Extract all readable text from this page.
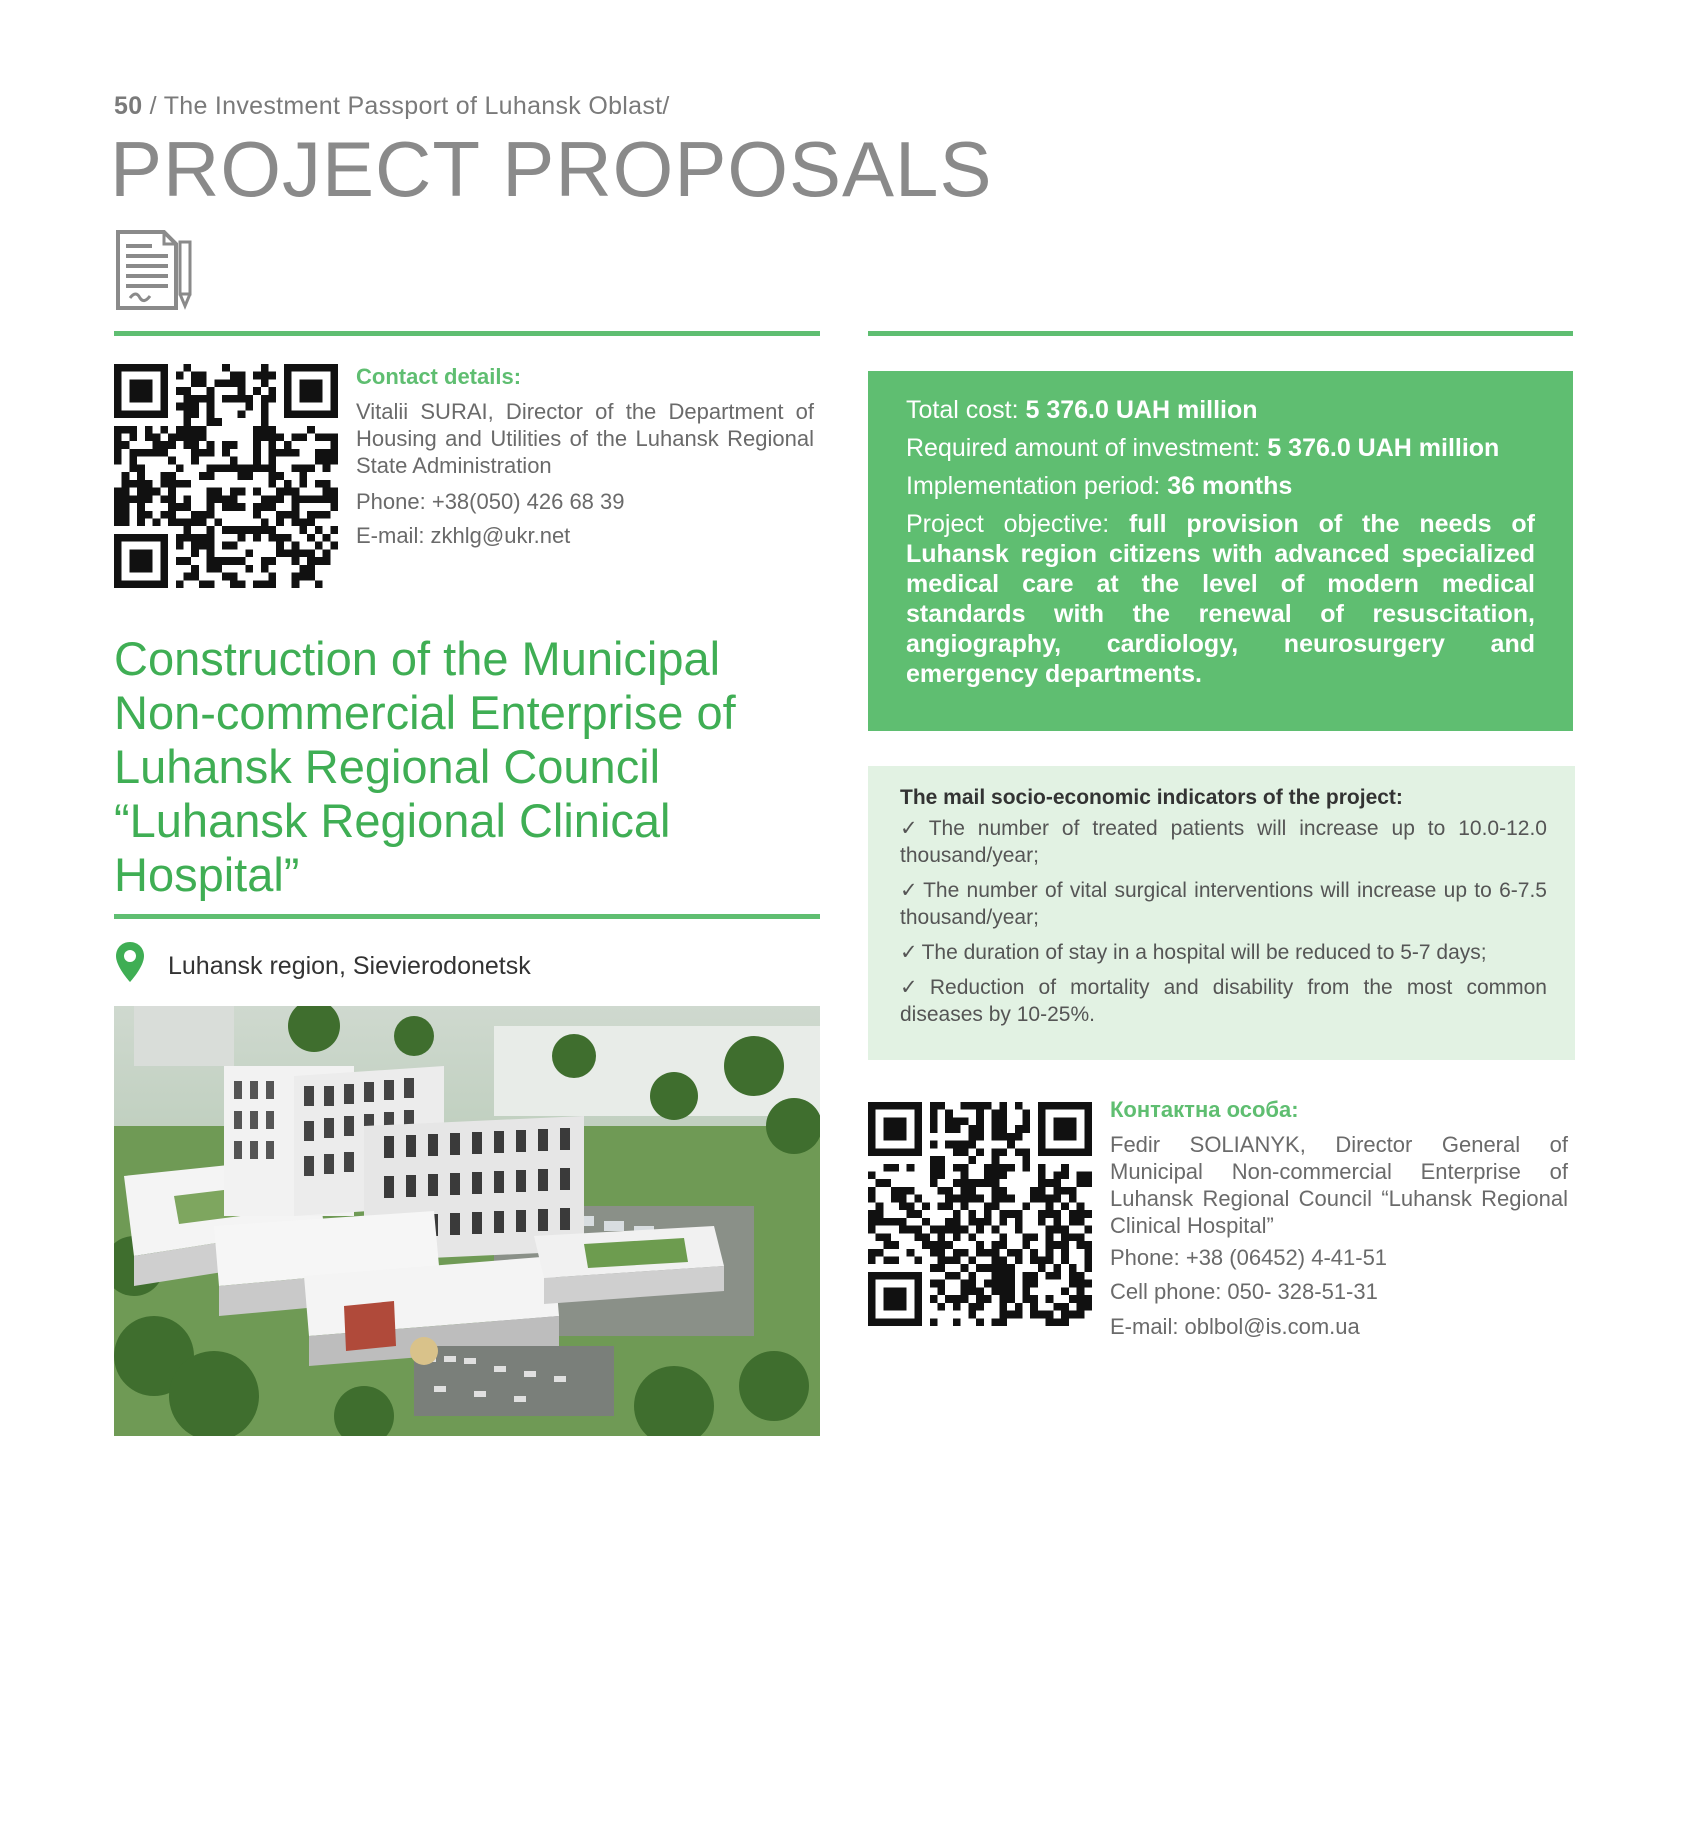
50 / The Investment Passport of Luhansk Oblast/
PROJECT PROPOSALS
Contact details:
Vitalii SURAI, Director of the Department of Housing and Utilities of the Luhansk Regional State Administration
Phone: +38(050) 426 68 39
E-mail: zkhlg@ukr.net
Construction of the Municipal Non-commercial Enterprise of Luhansk Regional Council “Luhansk Regional Clinical Hospital”
Luhansk region, Sievierodonetsk

Total cost: 5 376.0 UAH million

Required amount of investment: 5 376.0 UAH million

Implementation period: 36 months

Project objective: full provision of the needs of Luhansk region citizens with advanced specialized medical care at the level of modern medical standards with the renewal of resuscitation, angiography, cardiology, neurosurgery and emergency departments.

The mail socio-economic indicators of the project:
✓ The number of treated patients will increase up to 10.0-12.0 thousand/year;
✓ The number of vital surgical interventions will increase up to 6-7.5 thousand/year;
✓ The duration of stay in a hospital will be reduced to 5-7 days;
✓ Reduction of mortality and disability from the most common diseases by 10-25%.
Контактна особа:
Fedir SOLIANYK, Director General of Municipal Non-commercial Enterprise of Luhansk Regional Council “Luhansk Regional Clinical Hospital”
Phone: +38 (06452) 4-41-51
Cell phone: 050- 328-51-31
E-mail: oblbol@is.com.ua
